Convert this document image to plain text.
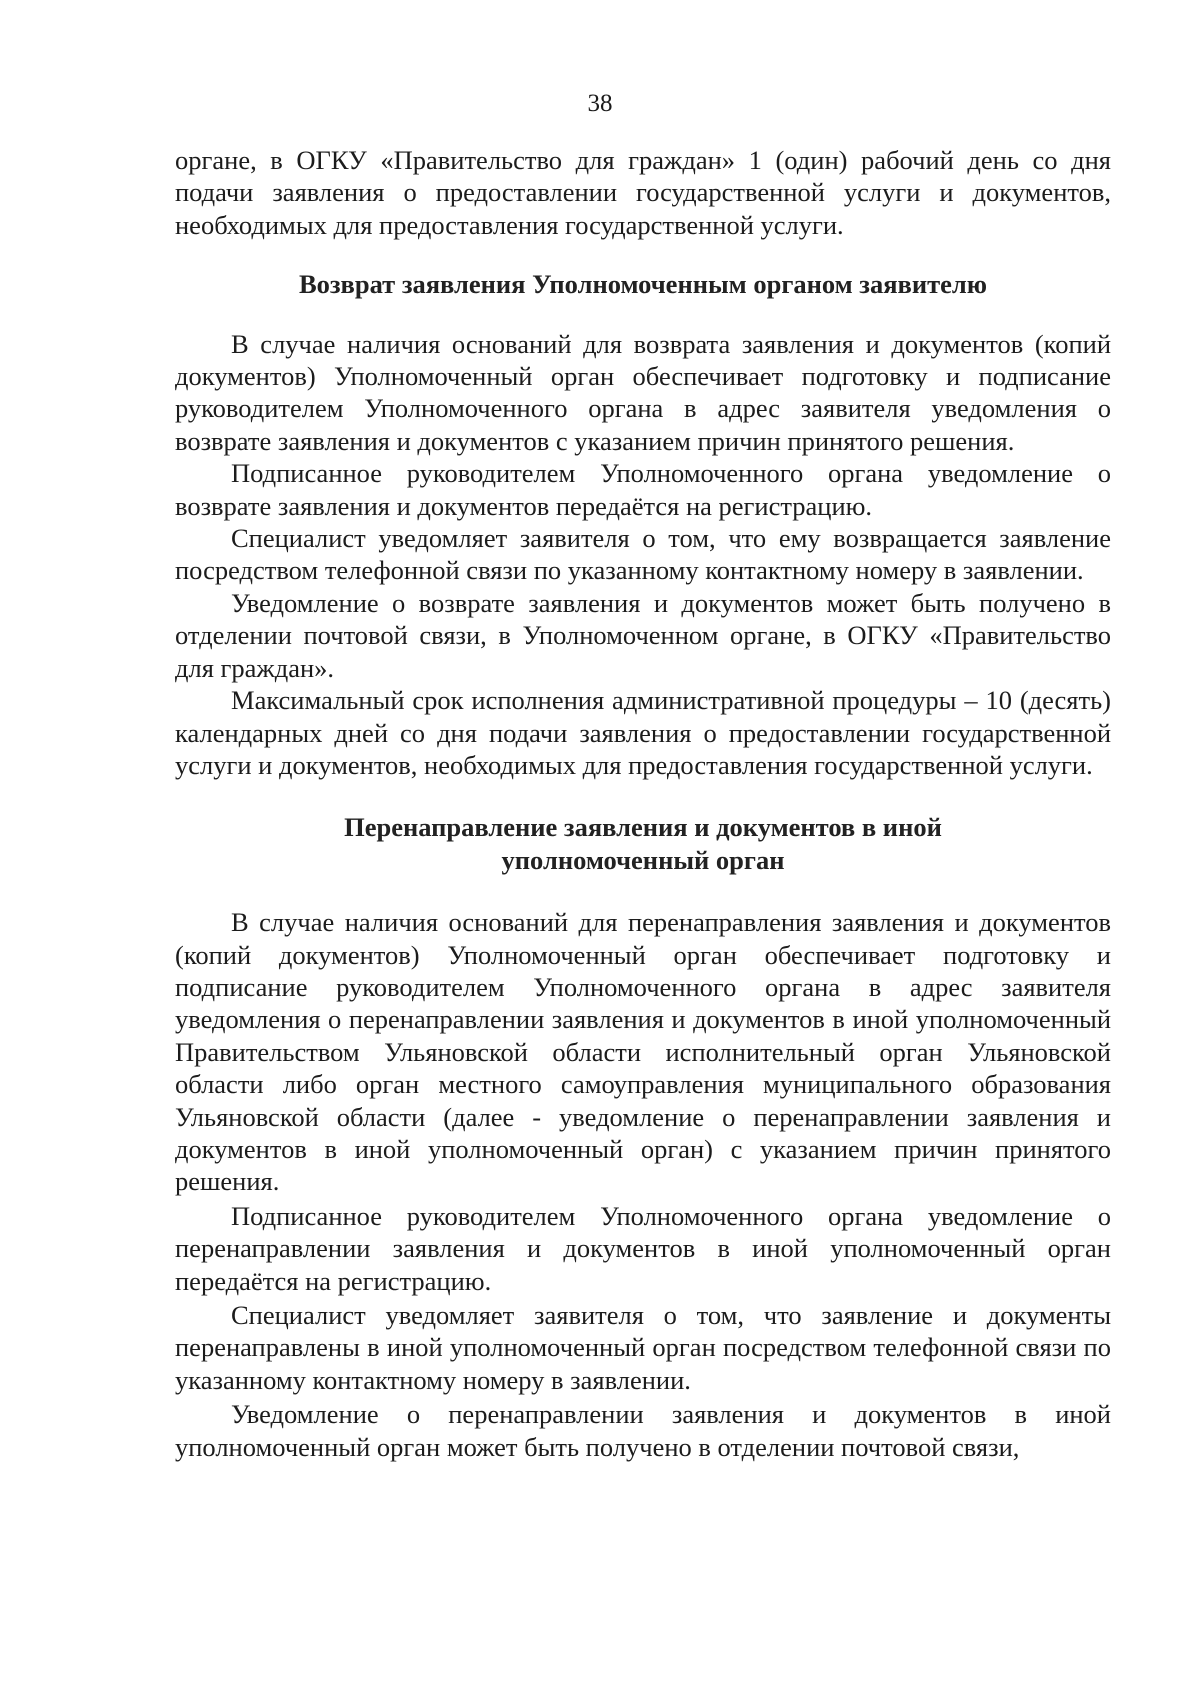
38

органе, в ОГКУ «Правительство для граждан» 1 (один) рабочий день со дня подачи заявления о предоставлении государственной услуги и документов, необходимых для предоставления государственной услуги.

Возврат заявления Уполномоченным органом заявителю

В случае наличия оснований для возврата заявления и документов (копий документов) Уполномоченный орган обеспечивает подготовку и подписание руководителем Уполномоченного органа в адрес заявителя уведомления о возврате заявления и документов с указанием причин принятого решения.

Подписанное руководителем Уполномоченного органа уведомление о возврате заявления и документов передаётся на регистрацию.

Специалист уведомляет заявителя о том, что ему возвращается заявление посредством телефонной связи по указанному контактному номеру в заявлении.

Уведомление о возврате заявления и документов может быть получено в отделении почтовой связи, в Уполномоченном органе, в ОГКУ «Правительство для граждан».

Максимальный срок исполнения административной процедуры – 10 (десять) календарных дней со дня подачи заявления о предоставлении государственной услуги и документов, необходимых для предоставления государственной услуги.

Перенаправление заявления и документов в иной
уполномоченный орган

В случае наличия оснований для перенаправления заявления и документов (копий документов) Уполномоченный орган обеспечивает подготовку и подписание руководителем Уполномоченного органа в адрес заявителя уведомления о перенаправлении заявления и документов в иной уполномоченный Правительством Ульяновской области исполнительный орган Ульяновской области либо орган местного самоуправления муниципального образования Ульяновской области (далее - уведомление о перенаправлении заявления и документов в иной уполномоченный орган) с указанием причин принятого решения.

Подписанное руководителем Уполномоченного органа уведомление о перенаправлении заявления и документов в иной уполномоченный орган передаётся на регистрацию.

Специалист уведомляет заявителя о том, что заявление и документы перенаправлены в иной уполномоченный орган посредством телефонной связи по указанному контактному номеру в заявлении.

Уведомление о перенаправлении заявления и документов в иной уполномоченный орган может быть получено в отделении почтовой связи,
